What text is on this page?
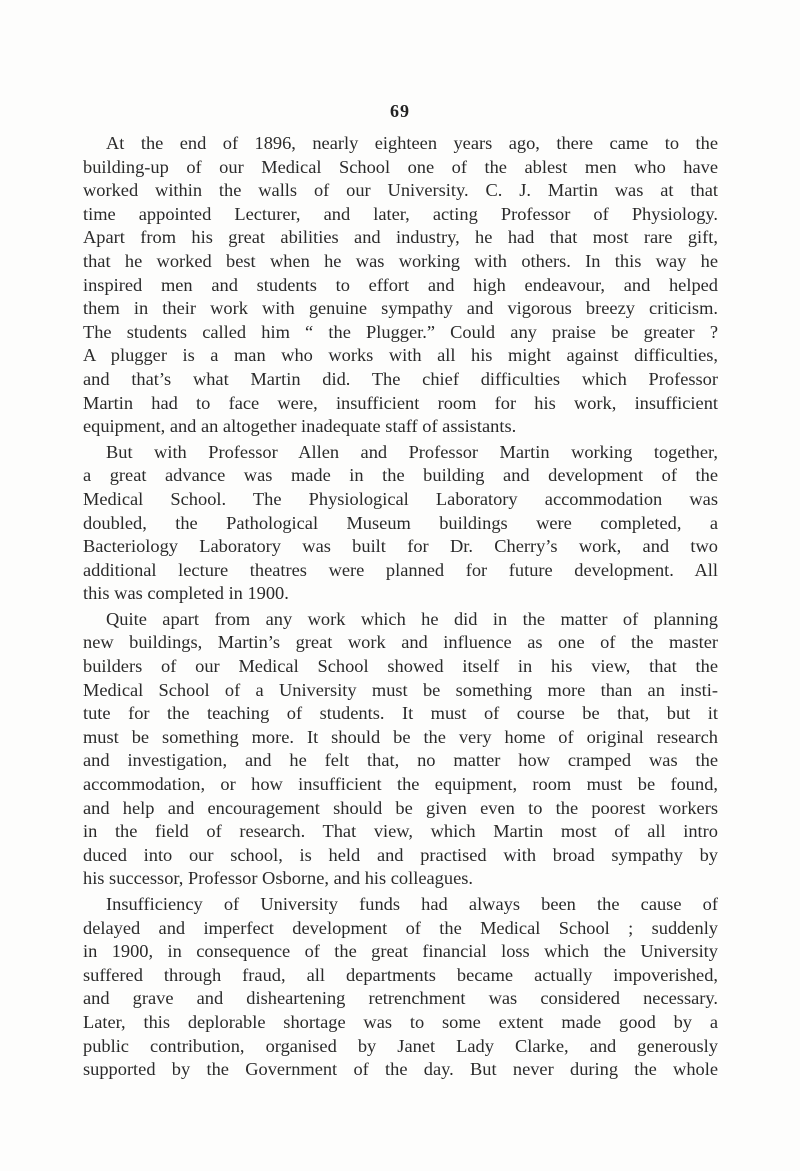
69
At the end of 1896, nearly eighteen years ago, there came to the
building-up of our Medical School one of the ablest men who have
worked within the walls of our University. C. J. Martin was at that
time appointed Lecturer, and later, acting Professor of Physiology.
Apart from his great abilities and industry, he had that most rare gift,
that he worked best when he was working with others. In this way he
inspired men and students to effort and high endeavour, and helped
them in their work with genuine sympathy and vigorous breezy criticism.
The students called him “ the Plugger.” Could any praise be greater ?
A plugger is a man who works with all his might against difficulties,
and that’s what Martin did. The chief difficulties which Professor
Martin had to face were, insufficient room for his work, insufficient
equipment, and an altogether inadequate staff of assistants.
But with Professor Allen and Professor Martin working together,
a great advance was made in the building and development of the
Medical School. The Physiological Laboratory accommodation was
doubled, the Pathological Museum buildings were completed, a
Bacteriology Laboratory was built for Dr. Cherry’s work, and two
additional lecture theatres were planned for future development. All
this was completed in 1900.
Quite apart from any work which he did in the matter of planning
new buildings, Martin’s great work and influence as one of the master
builders of our Medical School showed itself in his view, that the
Medical School of a University must be something more than an insti-
tute for the teaching of students. It must of course be that, but it
must be something more. It should be the very home of original research
and investigation, and he felt that, no matter how cramped was the
accommodation, or how insufficient the equipment, room must be found,
and help and encouragement should be given even to the poorest workers
in the field of research. That view, which Martin most of all intro
duced into our school, is held and practised with broad sympathy by
his successor, Professor Osborne, and his colleagues.
Insufficiency of University funds had always been the cause of
delayed and imperfect development of the Medical School ; suddenly
in 1900, in consequence of the great financial loss which the University
suffered through fraud, all departments became actually impoverished,
and grave and disheartening retrenchment was considered necessary.
Later, this deplorable shortage was to some extent made good by a
public contribution, organised by Janet Lady Clarke, and generously
supported by the Government of the day. But never during the whole
